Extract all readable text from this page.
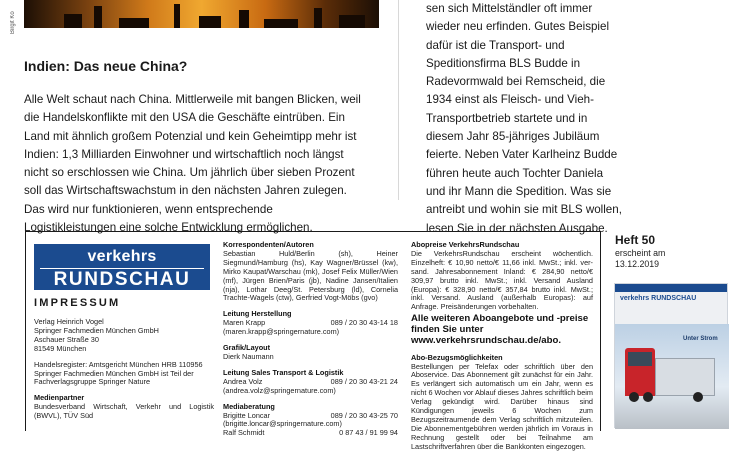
Birgit Ko
Indien: Das neue China?

Alle Welt schaut nach China. Mittlerweile mit bangen Blicken, weil die Handelskonflikte mit den USA die Geschäfte eintrüben. Ein Land mit ähnlich großem Potenzial und kein Geheimtipp mehr ist Indien: 1,3 Milliarden Einwohner und wirtschaftlich noch längst nicht so erschlossen wie China. Um jährlich über sieben Prozent soll das Wirtschaftswachstum in den nächsten Jahren zulegen. Das wird nur funktionieren, wenn entsprechende Logistikleistungen eine solche Entwicklung ermöglichen.

sen sich Mittelständler oft immer wieder neu erfinden. Gutes Beispiel dafür ist die Transport- und Speditionsfirma BLS Budde in Radevormwald bei Remscheid, die 1934 einst als Fleisch- und Vieh-Transportbetrieb startete und in diesem Jahr 85-jähriges Jubiläum feierte. Neben Vater Karlheinz Budde führen heute auch Tochter Daniela und ihr Mann die Spedition. Was sie antreibt und wohin sie mit BLS wollen, lesen Sie in der nächsten Ausgabe.

verkehrs
RUNDSCHAU
IMPRESSUM
Verlag Heinrich Vogel
Springer Fachmedien München GmbH
Aschauer Straße 30
81549 München
Handelsregister: Amtsgericht München HRB 110956
Springer Fachmedien München GmbH ist Teil der Fachverlagsgruppe Springer Nature
Medienpartner
Bundesverband Wirtschaft, Verkehr und Logistik (BWVL), TÜV Süd
Korrespondenten/Autoren
Sebastian Huld/Berlin (sh), Heiner Siegmund/Hamburg (hs), Kay Wagner/Brüssel (kw), Mirko Kaupat/Warschau (mk), Josef Felix Müller/Wien (mf), Jürgen Brien/Paris (jb), Nadine Jansen/Italien (nja), Lothar Deeg/St. Petersburg (ld), Cornelia Trachte-Wagels (ctw), Gerfried Vogt-Möbs (gvo)
Leitung Herstellung
Maren Krapp	089 / 20 30 43-14 18
(maren.krapp@springernature.com)
Grafik/Layout
Dierk Naumann
Leitung Sales Transport & Logistik
Andrea Volz	089 / 20 30 43-21 24
(andrea.volz@springernature.com)
Mediaberatung
Brigitte Loncar	089 / 20 30 43-25 70
(brigitte.loncar@springernature.com)
Ralf Schmidt	0 87 43 / 91 99 94
Abopreise VerkehrsRundschau
Die VerkehrsRundschau erscheint wöchentlich. Einzelheft: € 10,90 netto/€ 11,66 inkl. MwSt.; inkl. ver-sand. Jahresabonnement Inland: € 284,90 netto/€ 309,97 brutto inkl. MwSt.; inkl. Versand Ausland (Europa): € 328,90 netto/€ 357,84 brutto inkl. MwSt.; inkl. Versand. Ausland (außerhalb Europas): auf Anfrage. Preisänderungen vorbehalten.
Alle weiteren Aboangebote und -preise finden Sie unter www.verkehrsrundschau.de/abo.
Abo-Bezugsmöglichkeiten
Bestellungen per Telefax oder schriftlich über den Aboservice. Das Abonnement gilt zunächst für ein Jahr. Es verlängert sich automatisch um ein Jahr, wenn es nicht 6 Wochen vor Ablauf dieses Jahres schriftlich beim Verlag gekündigt wird. Darüber hinaus sind Kündigungen jeweils 6 Wochen zum Bezugszeitraumende dem Verlag schriftlich mitzuteilen. Die Abonnementgebühren werden jährlich im Voraus in Rechnung gestellt oder bei Teilnahme am Lastschriftverfahren über die Bankkonten eingezogen.
Heft 50
erscheint am
13.12.2019
verkehrs RUNDSCHAU
Unter Strom
